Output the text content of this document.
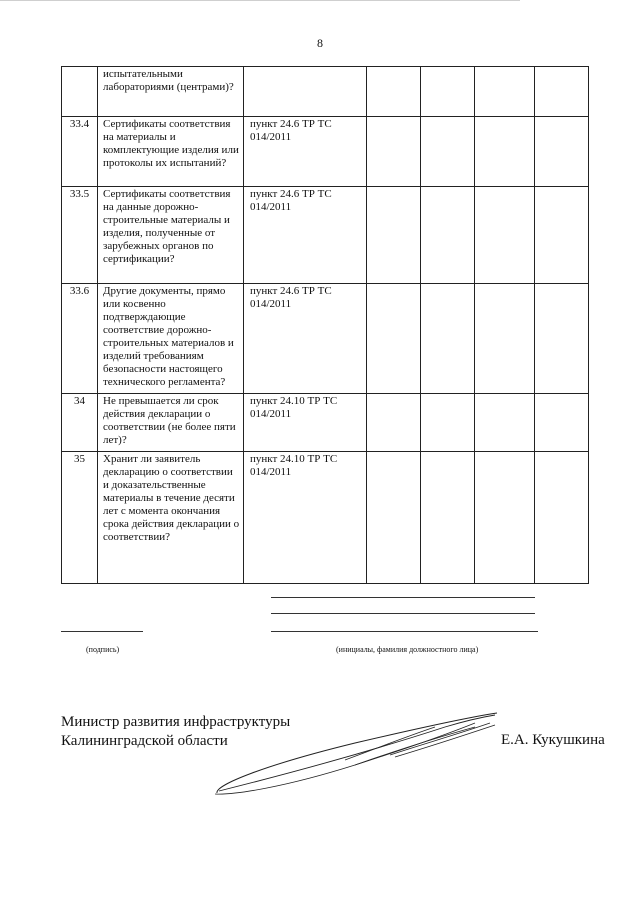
8
	испытательными лабораториями (центрами)?					
33.4	Сертификаты соответствия на материалы и комплектующие изделия или протоколы их испытаний?	пункт 24.6 ТР ТС 014/2011				
33.5	Сертификаты соответствия на данные дорожно-строительные материалы и изделия, полученные от зарубежных органов по сертификации?	пункт 24.6 ТР ТС 014/2011				
33.6	Другие документы, прямо или косвенно подтверждающие соответствие дорожно-строительных материалов и изделий требованиям безопасности настоящего технического регламента?	пункт 24.6 ТР ТС 014/2011				
34	Не превышается ли срок действия декларации о соответствии (не более пяти лет)?	пункт 24.10 ТР ТС 014/2011				
35	Хранит ли заявитель декларацию о соответствии и доказательственные материалы в течение десяти лет с момента окончания срока действия декларации о соответствии?	пункт 24.10 ТР ТС 014/2011				
(подпись)	(инициалы, фамилия должностного лица)
Министр развития инфраструктуры
Калининградской области	Е.А. Кукушкина
